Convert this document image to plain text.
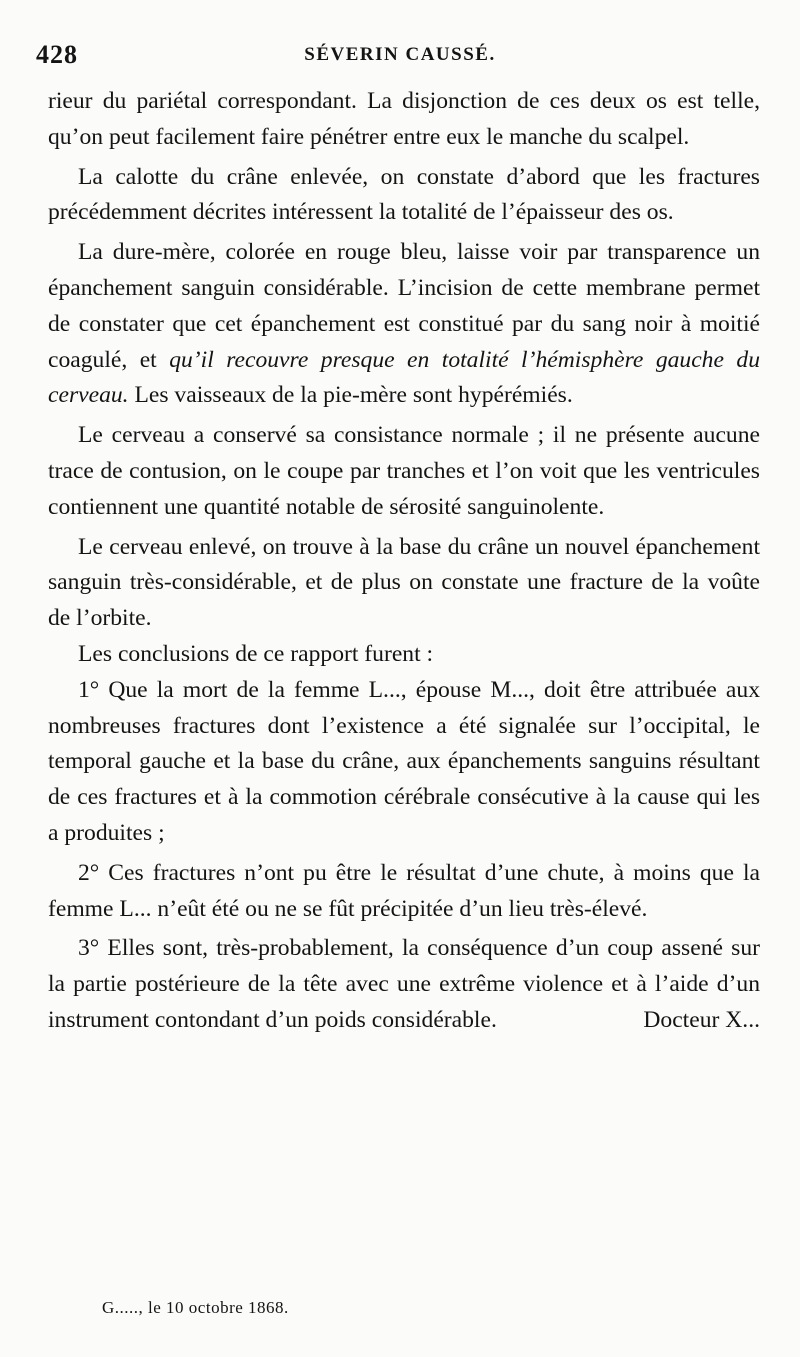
428	SÉVERIN CAUSSÉ.

rieur du pariétal correspondant. La disjonction de ces deux os est telle, qu’on peut facilement faire pénétrer entre eux le manche du scalpel.

La calotte du crâne enlevée, on constate d’abord que les fractures précédemment décrites intéressent la totalité de l’épaisseur des os.

La dure-mère, colorée en rouge bleu, laisse voir par transparence un épanchement sanguin considérable. L’incision de cette membrane permet de constater que cet épanchement est constitué par du sang noir à moitié coagulé, et qu’il recouvre presque en totalité l’hémisphère gauche du cerveau. Les vaisseaux de la pie-mère sont hypérémiés.

Le cerveau a conservé sa consistance normale ; il ne présente aucune trace de contusion, on le coupe par tranches et l’on voit que les ventricules contiennent une quantité notable de sérosité sanguinolente.

Le cerveau enlevé, on trouve à la base du crâne un nouvel épanchement sanguin très-considérable, et de plus on constate une fracture de la voûte de l’orbite.

Les conclusions de ce rapport furent :

1° Que la mort de la femme L..., épouse M..., doit être attribuée aux nombreuses fractures dont l’existence a été signalée sur l’occipital, le temporal gauche et la base du crâne, aux épanchements sanguins résultant de ces fractures et à la commotion cérébrale consécutive à la cause qui les a produites ;

2° Ces fractures n’ont pu être le résultat d’une chute, à moins que la femme L... n’eût été ou ne se fût précipitée d’un lieu très-élevé.

3° Elles sont, très-probablement, la conséquence d’un coup assené sur la partie postérieure de la tête avec une extrême violence et à l’aide d’un instrument contondant d’un poids considérable.	Docteur X...

G....., le 10 octobre 1868.
